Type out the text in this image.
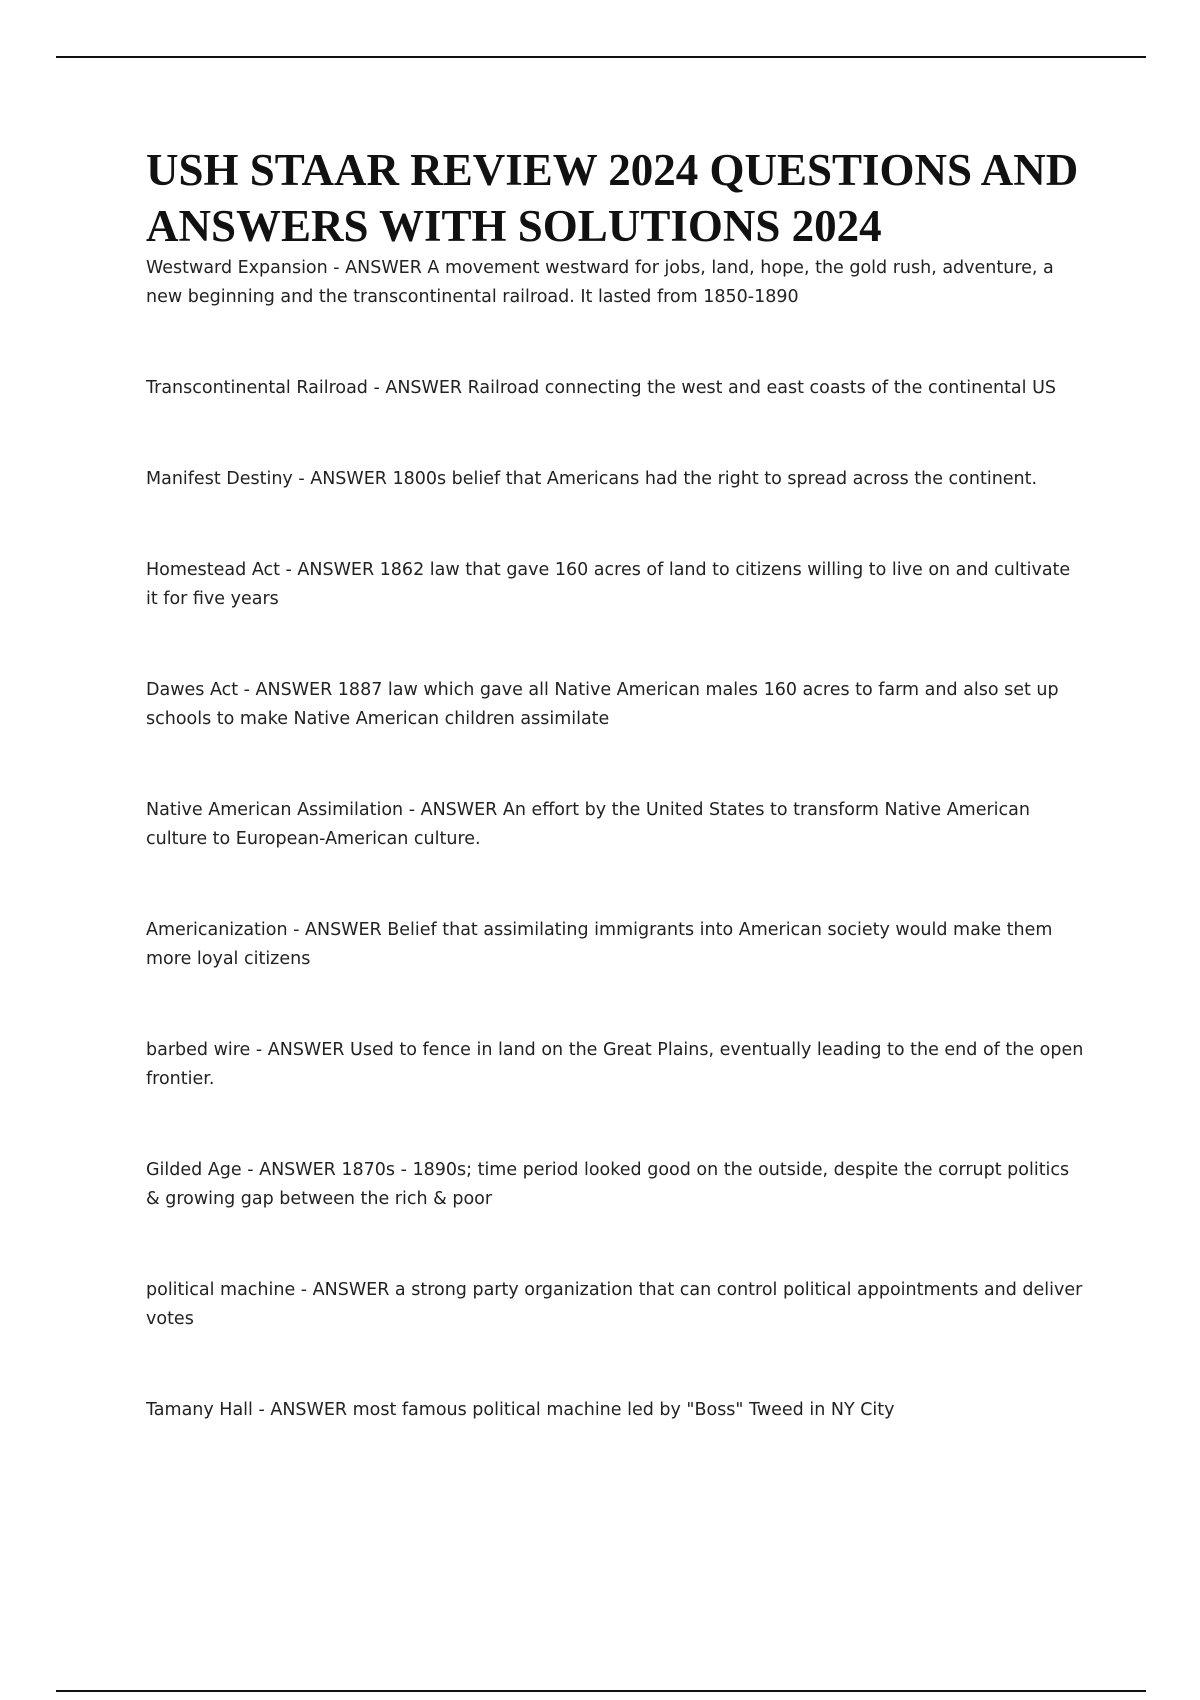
USH STAAR REVIEW 2024 QUESTIONS AND ANSWERS WITH SOLUTIONS 2024

Westward Expansion - ANSWER A movement westward for jobs, land, hope, the gold rush, adventure, a new beginning and the transcontinental railroad. It lasted from 1850-1890

Transcontinental Railroad - ANSWER Railroad connecting the west and east coasts of the continental US

Manifest Destiny - ANSWER 1800s belief that Americans had the right to spread across the continent.

Homestead Act - ANSWER 1862 law that gave 160 acres of land to citizens willing to live on and cultivate it for five years

Dawes Act - ANSWER 1887 law which gave all Native American males 160 acres to farm and also set up schools to make Native American children assimilate

Native American Assimilation - ANSWER An effort by the United States to transform Native American culture to European-American culture.

Americanization - ANSWER Belief that assimilating immigrants into American society would make them more loyal citizens

barbed wire - ANSWER Used to fence in land on the Great Plains, eventually leading to the end of the open frontier.

Gilded Age - ANSWER 1870s - 1890s; time period looked good on the outside, despite the corrupt politics & growing gap between the rich & poor

political machine - ANSWER a strong party organization that can control political appointments and deliver votes

Tamany Hall - ANSWER most famous political machine led by "Boss" Tweed in NY City
